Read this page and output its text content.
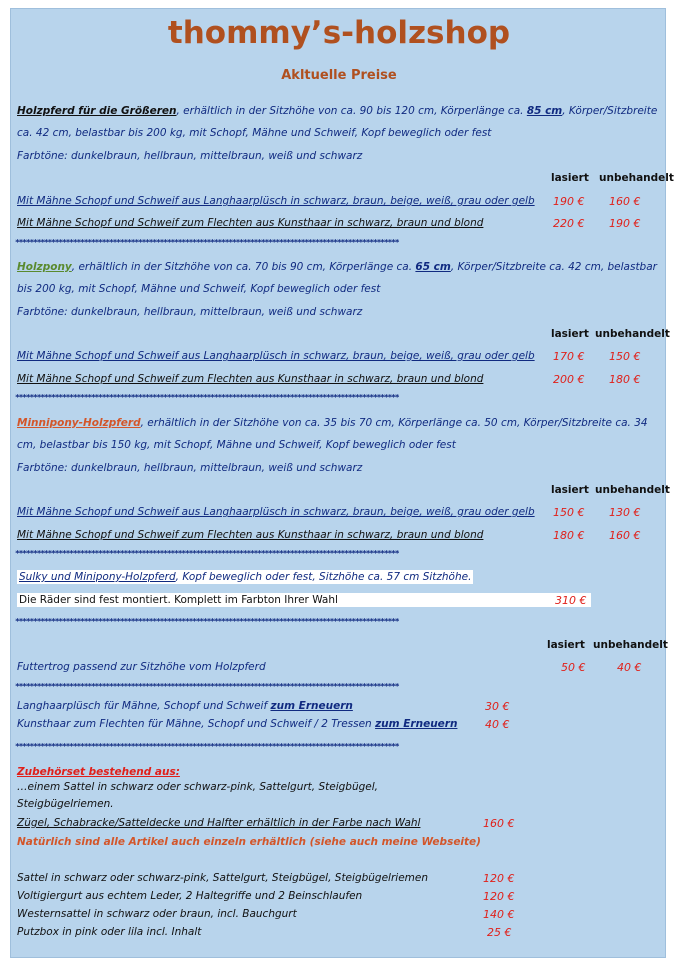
thommy’s-holzshop
Akltuelle Preise
Holzpferd für die Größeren, erhältlich in der Sitzhöhe von ca. 90 bis 120 cm, Körperlänge ca. 85 cm, Körper/Sitzbreite
ca. 42 cm, belastbar bis 200 kg, mit Schopf, Mähne und Schweif, Kopf beweglich oder fest
Farbtöne: dunkelbraun, hellbraun, mittelbraun, weiß und schwarz
lasiert unbehandelt
Mit Mähne Schopf und Schweif aus Langhaarplüsch in schwarz, braun, beige, weiß, grau oder gelb 190 € 160 €
Mit Mähne Schopf und Schweif zum Flechten aus Kunsthaar in schwarz, braun und blond	220 € 190 €
**********************************************************************************************************
Holzpony, erhältlich in der Sitzhöhe von ca. 70 bis 90 cm, Körperlänge ca. 65 cm, Körper/Sitzbreite ca. 42 cm, belastbar
bis 200 kg, mit Schopf, Mähne und Schweif, Kopf beweglich oder fest
Farbtöne: dunkelbraun, hellbraun, mittelbraun, weiß und schwarz
lasiert unbehandelt
Mit Mähne Schopf und Schweif aus Langhaarplüsch in schwarz, braun, beige, weiß, grau oder gelb 170 € 150 €
Mit Mähne Schopf und Schweif zum Flechten aus Kunsthaar in schwarz, braun und blond	200 € 180 €
**********************************************************************************************************
Minnipony-Holzpferd, erhältlich in der Sitzhöhe von ca. 35 bis 70 cm, Körperlänge ca. 50 cm, Körper/Sitzbreite ca. 34
cm, belastbar bis 150 kg, mit Schopf, Mähne und Schweif, Kopf beweglich oder fest
Farbtöne: dunkelbraun, hellbraun, mittelbraun, weiß und schwarz
lasiert unbehandelt
Mit Mähne Schopf und Schweif aus Langhaarplüsch in schwarz, braun, beige, weiß, grau oder gelb 150 € 130 €
Mit Mähne Schopf und Schweif zum Flechten aus Kunsthaar in schwarz, braun und blond	180 € 160 €
**********************************************************************************************************
Sulky und Minipony-Holzpferd, Kopf beweglich oder fest, Sitzhöhe ca. 57 cm Sitzhöhe.
Die Räder sind fest montiert. Komplett im Farbton Ihrer Wahl	310 €
**********************************************************************************************************
lasiert unbehandelt
Futtertrog passend zur Sitzhöhe vom Holzpferd	50 €	40 €
**********************************************************************************************************
Langhaarplüsch für Mähne, Schopf und Schweif zum Erneuern	30 €
Kunsthaar zum Flechten für Mähne, Schopf und Schweif / 2 Tressen zum Erneuern	40 €
**********************************************************************************************************
Zubehörset bestehend aus:
…einem Sattel in schwarz oder schwarz-pink, Sattelgurt, Steigbügel,
Steigbügelriemen.
Zügel, Schabracke/Satteldecke und Halfter erhältlich in der Farbe nach Wahl	160 €
Natürlich sind alle Artikel auch einzeln erhältlich (siehe auch meine Webseite)
Sattel in schwarz oder schwarz-pink, Sattelgurt, Steigbügel, Steigbügelriemen	120 €
Voltigiergurt aus echtem Leder, 2 Haltegriffe und 2 Beinschlaufen	120 €
Westernsattel in schwarz oder braun, incl. Bauchgurt	140 €
Putzbox in pink oder lila incl. Inhalt	25 €
